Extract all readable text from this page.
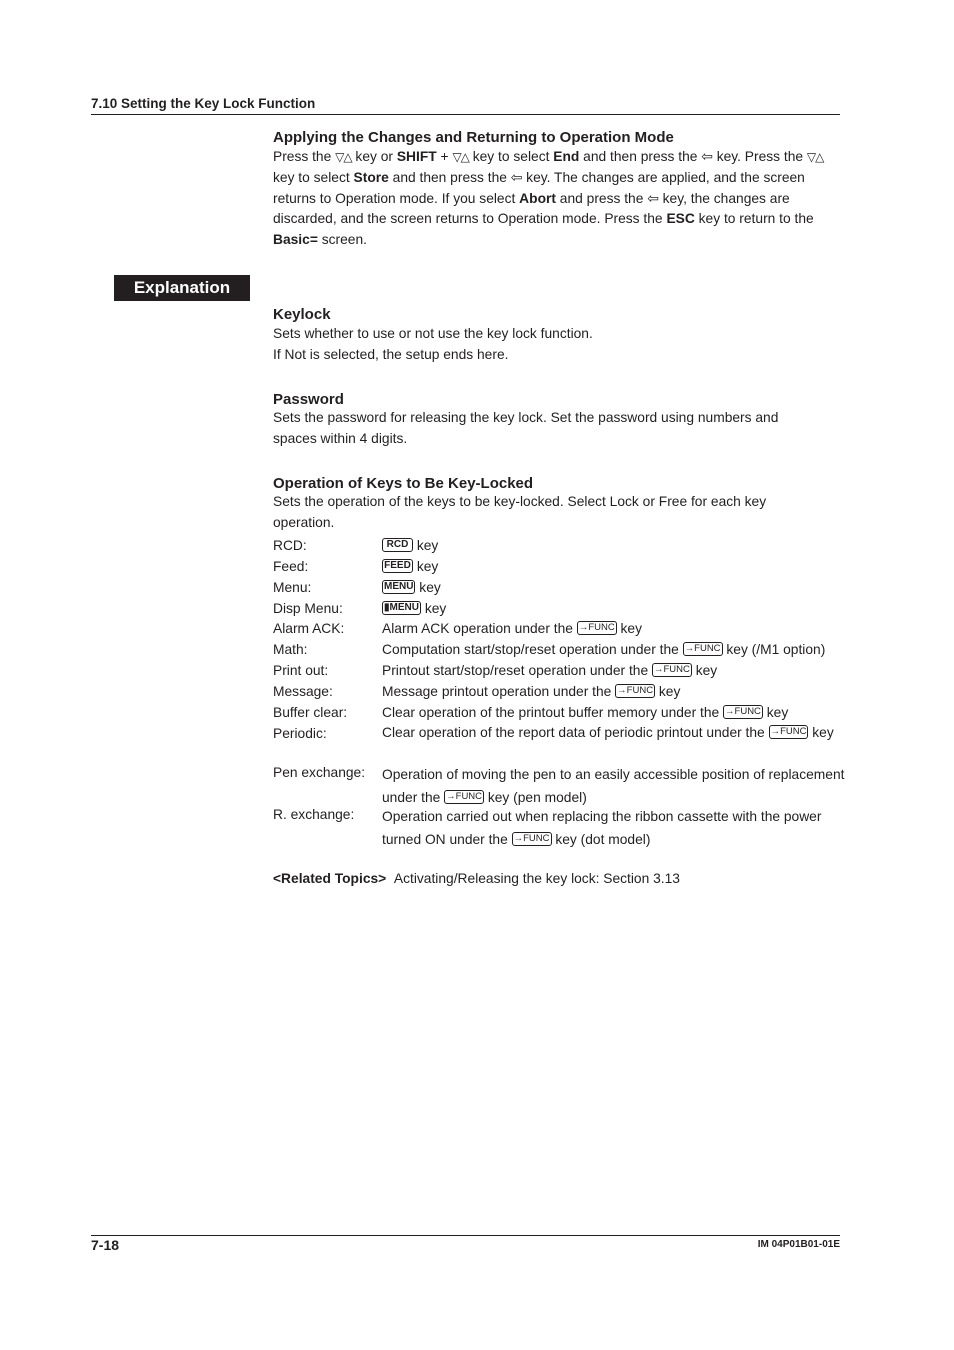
7.10 Setting the Key Lock Function
Applying the Changes and Returning to Operation Mode

Press the ▽△ key or SHIFT + ▽△ key to select End and then press the ⇦ key. Press the ▽△ key to select Store and then press the ⇦ key. The changes are applied, and the screen returns to Operation mode. If you select Abort and press the ⇦ key, the changes are discarded, and the screen returns to Operation mode. Press the ESC key to return to the Basic= screen.

Explanation
Keylock

Sets whether to use or not use the key lock function.
If Not is selected, the setup ends here.

Password

Sets the password for releasing the key lock. Set the password using numbers and spaces within 4 digits.

Operation of Keys to Be Key-Locked

Sets the operation of the keys to be key-locked. Select Lock or Free for each key operation.

RCD:	RCD key
Feed:	FEED key
Menu:	MENU key
Disp Menu:	▮MENU key
Alarm ACK:	Alarm ACK operation under the →FUNC key
Math:	Computation start/stop/reset operation under the →FUNC key (/M1 option)
Print out:	Printout start/stop/reset operation under the →FUNC key
Message:	Message printout operation under the →FUNC key
Buffer clear:	Clear operation of the printout buffer memory under the →FUNC key
Periodic:	Clear operation of the report data of periodic printout under the →FUNC key
Pen exchange: Operation of moving the pen to an easily accessible position of replacement under the →FUNC key (pen model)
R. exchange: Operation carried out when replacing the ribbon cassette with the power turned ON under the →FUNC key (dot model)

<Related Topics> Activating/Releasing the key lock: Section 3.13

7-18	IM 04P01B01-01E
